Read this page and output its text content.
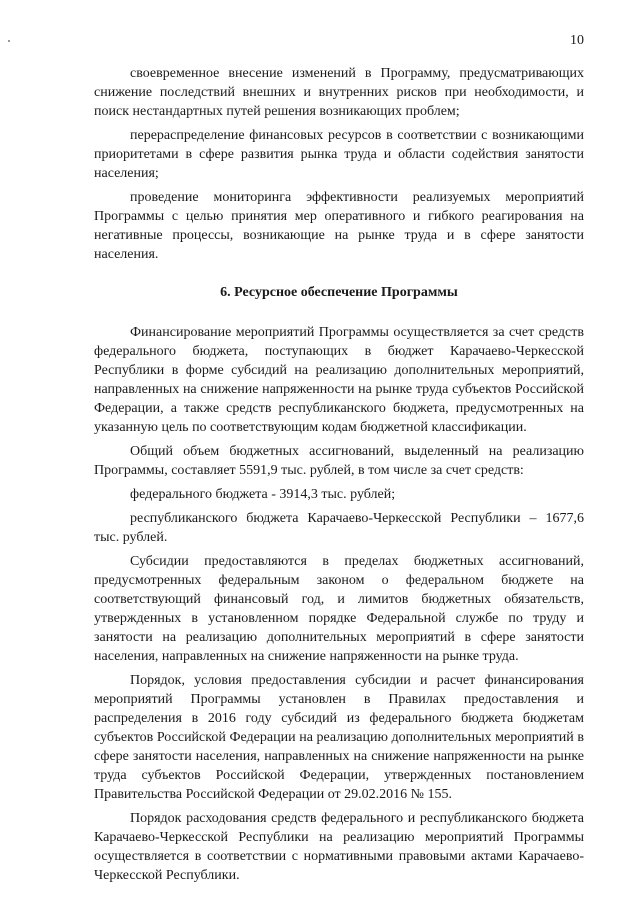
10

своевременное внесение изменений в Программу, предусматривающих снижение последствий внешних и внутренних рисков при необходимости, и поиск нестандартных путей решения возникающих проблем;

перераспределение финансовых ресурсов в соответствии с возникающими приоритетами в сфере развития рынка труда и области содействия занятости населения;

проведение мониторинга эффективности реализуемых мероприятий Программы с целью принятия мер оперативного и гибкого реагирования на негативные процессы, возникающие на рынке труда и в сфере занятости населения.

6. Ресурсное обеспечение Программы

Финансирование мероприятий Программы осуществляется за счет средств федерального бюджета, поступающих в бюджет Карачаево-Черкесской Республики в форме субсидий на реализацию дополнительных мероприятий, направленных на снижение напряженности на рынке труда субъектов Российской Федерации, а также средств республиканского бюджета, предусмотренных на указанную цель по соответствующим кодам бюджетной классификации.

Общий объем бюджетных ассигнований, выделенный на реализацию Программы, составляет 5591,9 тыс. рублей, в том числе за счет средств:

федерального бюджета - 3914,3 тыс. рублей;

республиканского бюджета Карачаево-Черкесской Республики – 1677,6 тыс. рублей.

Субсидии предоставляются в пределах бюджетных ассигнований, предусмотренных федеральным законом о федеральном бюджете на соответствующий финансовый год, и лимитов бюджетных обязательств, утвержденных в установленном порядке Федеральной службе по труду и занятости на реализацию дополнительных мероприятий в сфере занятости населения, направленных на снижение напряженности на рынке труда.

Порядок, условия предоставления субсидии и расчет финансирования мероприятий Программы установлен в Правилах предоставления и распределения в 2016 году субсидий из федерального бюджета бюджетам субъектов Российской Федерации на реализацию дополнительных мероприятий в сфере занятости населения, направленных на снижение напряженности на рынке труда субъектов Российской Федерации, утвержденных постановлением Правительства Российской Федерации от 29.02.2016 № 155.

Порядок расходования средств федерального и республиканского бюджета Карачаево-Черкесской Республики на реализацию мероприятий Программы осуществляется в соответствии с нормативными правовыми актами Карачаево-Черкесской Республики.
